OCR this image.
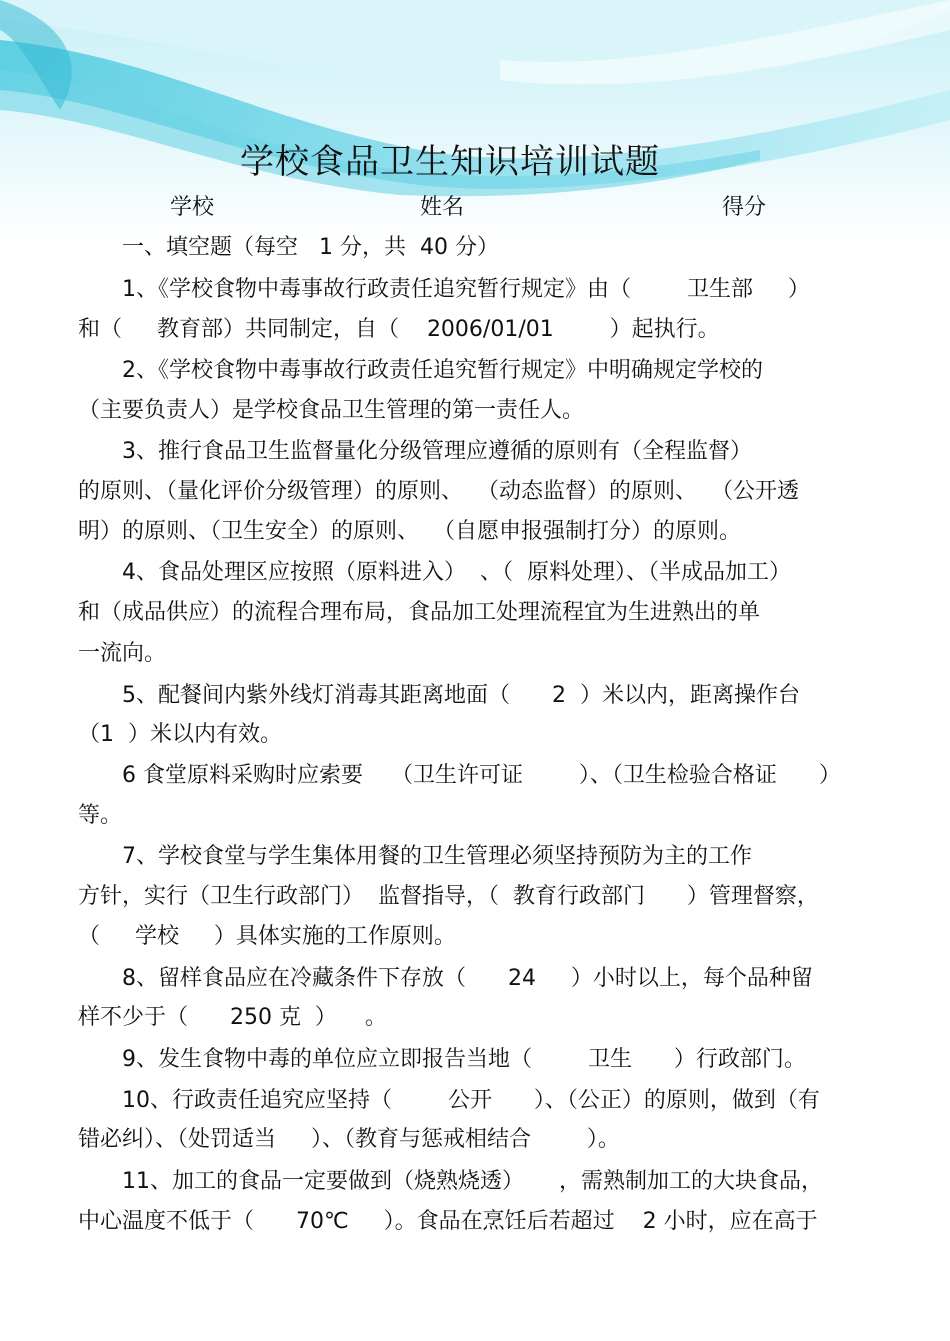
学校食品卫生知识培训试题
学校	姓名	得分
一、填空题（每空   1 分，共  40 分）
1、《学校食物中毒事故行政责任追究暂行规定》由（        卫生部     ）
和（     教育部）共同制定，自（    2006/01/01        ）起执行。
2、《学校食物中毒事故行政责任追究暂行规定》中明确规定学校的
（主要负责人）是学校食品卫生管理的第一责任人。
3、推行食品卫生监督量化分级管理应遵循的原则有（全程监督）
的原则、（量化评价分级管理）的原则、  （动态监督）的原则、  （公开透
明）的原则、（卫生安全）的原则、  （自愿申报强制打分）的原则。
4、食品处理区应按照（原料进入）  、（  原料处理）、（半成品加工）
和（成品供应）的流程合理布局，食品加工处理流程宜为生进熟出的单
一流向。
5、配餐间内紫外线灯消毒其距离地面（      2  ）米以内，距离操作台
（1  ）米以内有效。
6 食堂原料采购时应索要    （卫生许可证        ）、（卫生检验合格证      ）
等。
7、学校食堂与学生集体用餐的卫生管理必须坚持预防为主的工作
方针，实行（卫生行政部门）  监督指导，（  教育行政部门      ）管理督察，
（     学校     ）具体实施的工作原则。
8、留样食品应在冷藏条件下存放（      24     ）小时以上，每个品种留
样不少于（      250 克  ）    。
9、发生食物中毒的单位应立即报告当地（        卫生      ）行政部门。
10、行政责任追究应坚持（        公开      ）、（公正）的原则，做到（有
错必纠）、（处罚适当     ）、（教育与惩戒相结合        ）。
11、加工的食品一定要做到（烧熟烧透）     ，需熟制加工的大块食品，
中心温度不低于（      70℃     ）。食品在烹饪后若超过    2 小时，应在高于
